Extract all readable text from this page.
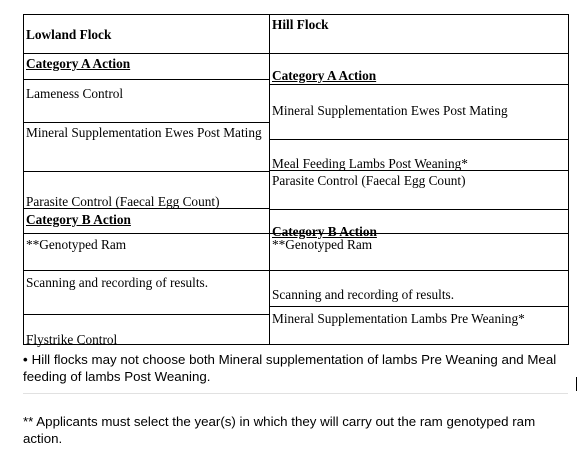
Lowland Flock
Hill Flock
Category A Action
Lameness Control
Mineral Supplementation Ewes Post Mating
Parasite Control (Faecal Egg Count)
Category B Action
**Genotyped Ram
Scanning and recording of results.
Flystrike Control
Category A Action
Mineral Supplementation Ewes Post Mating
Meal Feeding Lambs Post Weaning*
Parasite Control (Faecal Egg Count)
Category B Action
**Genotyped Ram
Scanning and recording of results.
Mineral Supplementation Lambs Pre Weaning*
• Hill flocks may not choose both Mineral supplementation of lambs Pre Weaning and Meal feeding of lambs Post Weaning.
** Applicants must select the year(s) in which they will carry out the ram genotyped ram action.
